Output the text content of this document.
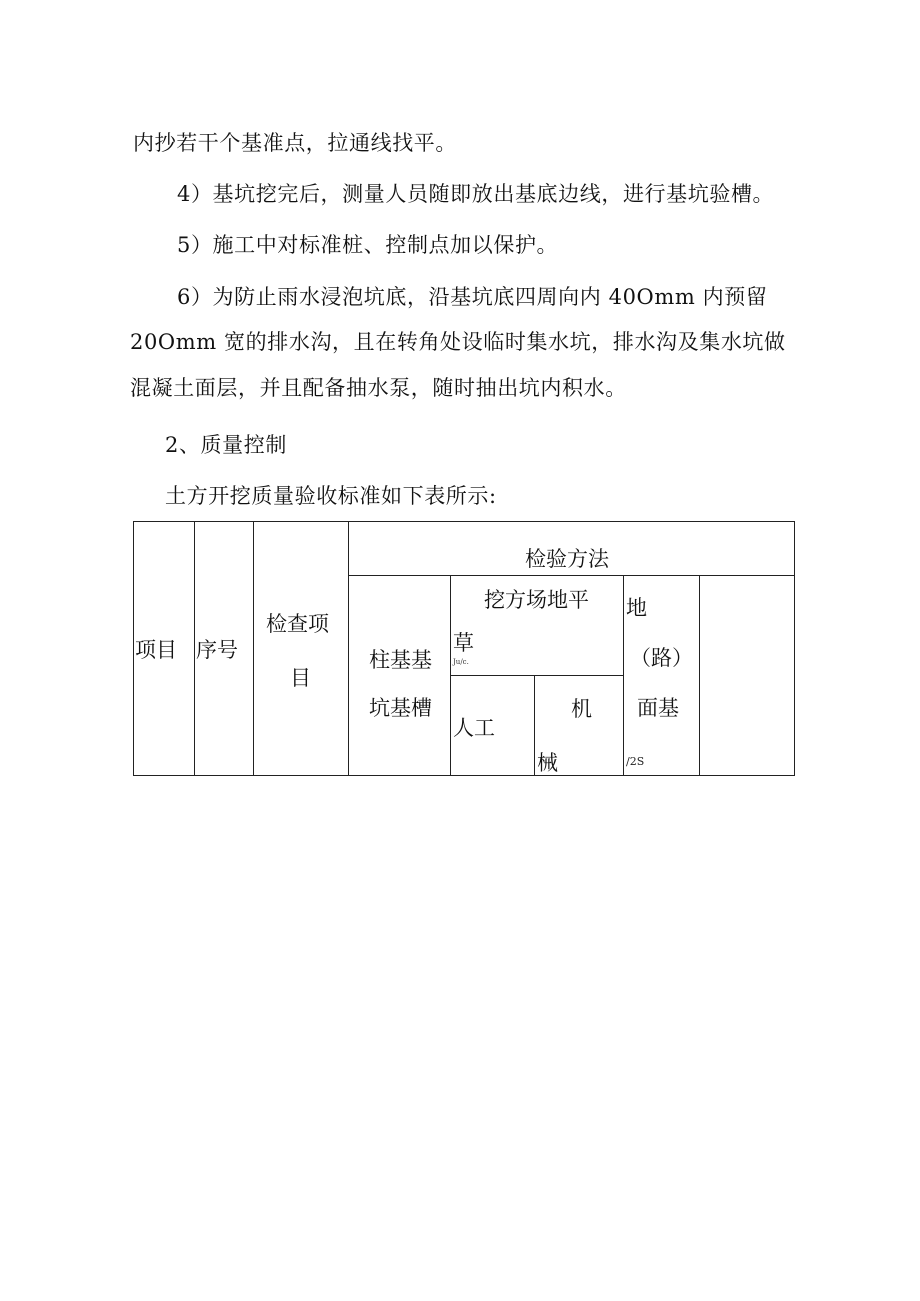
内抄若干个基准点，拉通线找平。
4）基坑挖完后，测量人员随即放出基底边线，进行基坑验槽。
5）施工中对标准桩、控制点加以保护。
6）为防止雨水浸泡坑底，沿基坑底四周向内 40Omm 内预留
20Omm 宽的排水沟，且在转角处设临时集水坑，排水沟及集水坑做
混凝土面层，并且配备抽水泵，随时抽出坑内积水。
2、质量控制
土方开挖质量验收标准如下表所示:
项目 序号
检查项
目
检验方法
柱基基
坑基槽
挖方场地平
草
Ju/c.
人工
机
械
地
（路）
面基
/2S
